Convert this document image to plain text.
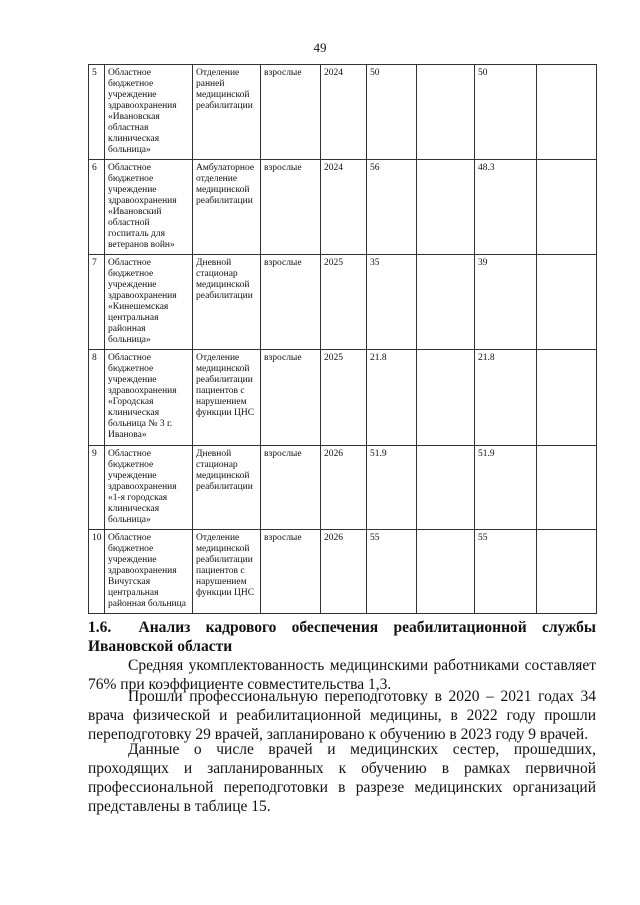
49
5	Областное бюджетное учреждение здравоохранения «Ивановская областная клиническая больница»	Отделение ранней медицинской реабилитации	взрослые	2024	50		50	
6	Областное бюджетное учреждение здравоохранения «Ивановский областной госпиталь для ветеранов войн»	Амбулаторное отделение медицинской реабилитации	взрослые	2024	56		48.3	
7	Областное бюджетное учреждение здравоохранения «Кинешемская центральная районная больница»	Дневной стационар медицинской реабилитации	взрослые	2025	35		39	
8	Областное бюджетное учреждение здравоохранения «Городская клиническая больница № 3 г. Иванова»	Отделение медицинской реабилитации пациентов с нарушением функции ЦНС	взрослые	2025	21.8		21.8	
9	Областное бюджетное учреждение здравоохранения «1-я городская клиническая больница»	Дневной стационар медицинской реабилитации	взрослые	2026	51.9		51.9	
10	Областное бюджетное учреждение здравоохранения Вичугская центральная районная больница	Отделение медицинской реабилитации пациентов с нарушением функции ЦНС	взрослые	2026	55		55	
1.6. Анализ кадрового обеспечения реабилитационной службы Ивановской области

Средняя укомплектованность медицинскими работниками составляет 76% при коэффициенте совместительства 1,3.

Прошли профессиональную переподготовку в 2020 – 2021 годах 34 врача физической и реабилитационной медицины, в 2022 году прошли переподготовку 29 врачей, запланировано к обучению в 2023 году 9 врачей.

Данные о числе врачей и медицинских сестер, прошедших, проходящих и запланированных к обучению в рамках первичной профессиональной переподготовки в разрезе медицинских организаций представлены в таблице 15.
